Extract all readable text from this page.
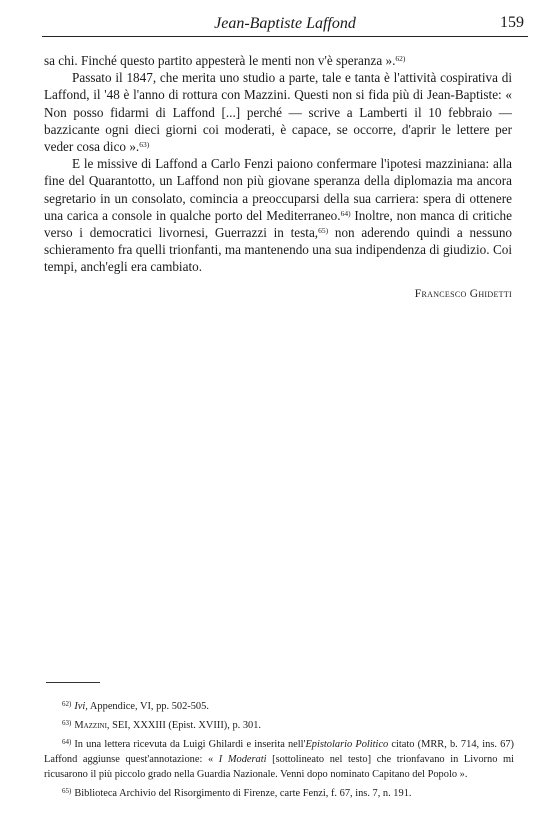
Jean-Baptiste Laffond	159

sa chi. Finché questo partito appesterà le menti non v'è speranza ».$^{62)}$

Passato il 1847, che merita uno studio a parte, tale e tanta è l'attività cospirativa di Laffond, il '48 è l'anno di rottura con Mazzini. Questi non si fida più di Jean-Baptiste: « Non posso fidarmi di Laffond [...] perché — scrive a Lamberti il 10 febbraio — bazzicante ogni dieci giorni coi moderati, è capace, se occorre, d'aprir le lettere per veder cosa dico ».$^{63)}$

E le missive di Laffond a Carlo Fenzi paiono confermare l'ipotesi mazziniana: alla fine del Quarantotto, un Laffond non più giovane speranza della diplomazia ma ancora segretario in un consolato, comincia a preoccuparsi della sua carriera: spera di ottenere una carica a console in qualche porto del Mediterraneo.$^{64)}$ Inoltre, non manca di critiche verso i democratici livornesi, Guerrazzi in testa,$^{65)}$ non aderendo quindi a nessuno schieramento fra quelli trionfanti, ma mantenendo una sua indipendenza di giudizio. Coi tempi, anch'egli era cambiato.

Francesco Ghidetti

$^{62)}$ Ivi, Appendice, VI, pp. 502-505.

$^{63)}$ Mazzini, SEI, XXXIII (Epist. XVIII), p. 301.

$^{64)}$ In una lettera ricevuta da Luigi Ghilardi e inserita nell'Epistolario Politico citato (MRR, b. 714, ins. 67) Laffond aggiunse quest'annotazione: « I Moderati [sottolineato nel testo] che trionfavano in Livorno mi ricusarono il più piccolo grado nella Guardia Nazionale. Venni dopo nominato Capitano del Popolo ».

$^{65)}$ Biblioteca Archivio del Risorgimento di Firenze, carte Fenzi, f. 67, ins. 7, n. 191.
